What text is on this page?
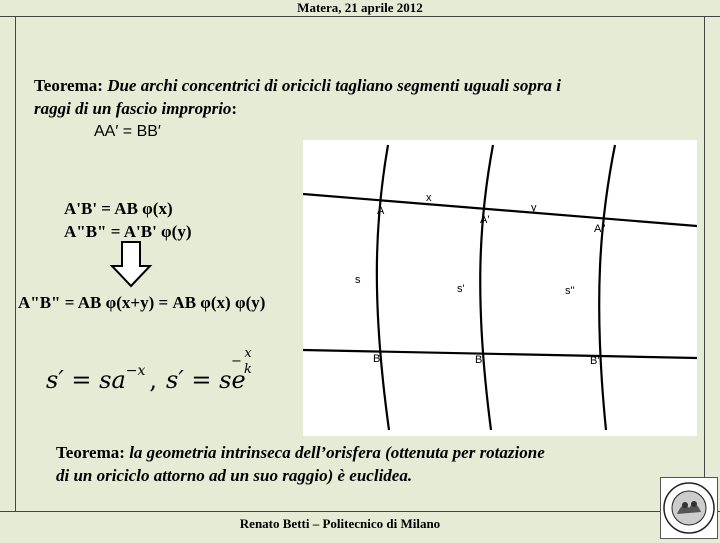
Matera, 21 aprile 2012
Teorema: Due archi concentrici di oricicli tagliano segmenti uguali sopra i
raggi di un fascio improprio:
AA′ = BB′
A'B' = AB φ(x)
A"B" = A'B' φ(y)
A"B" = AB φ(x+y) = AB φ(x) φ(y)
$s' = sa^{-x}$ , s′ = se
x
−
k
A
A'
A''
x
y
s
s'	s''
B	B'	B''
Teorema: la geometria intrinseca dell’orisfera (ottenuta per rotazione
di un oriciclo attorno ad un suo raggio) è euclidea.
Renato Betti – Politecnico di Milano
